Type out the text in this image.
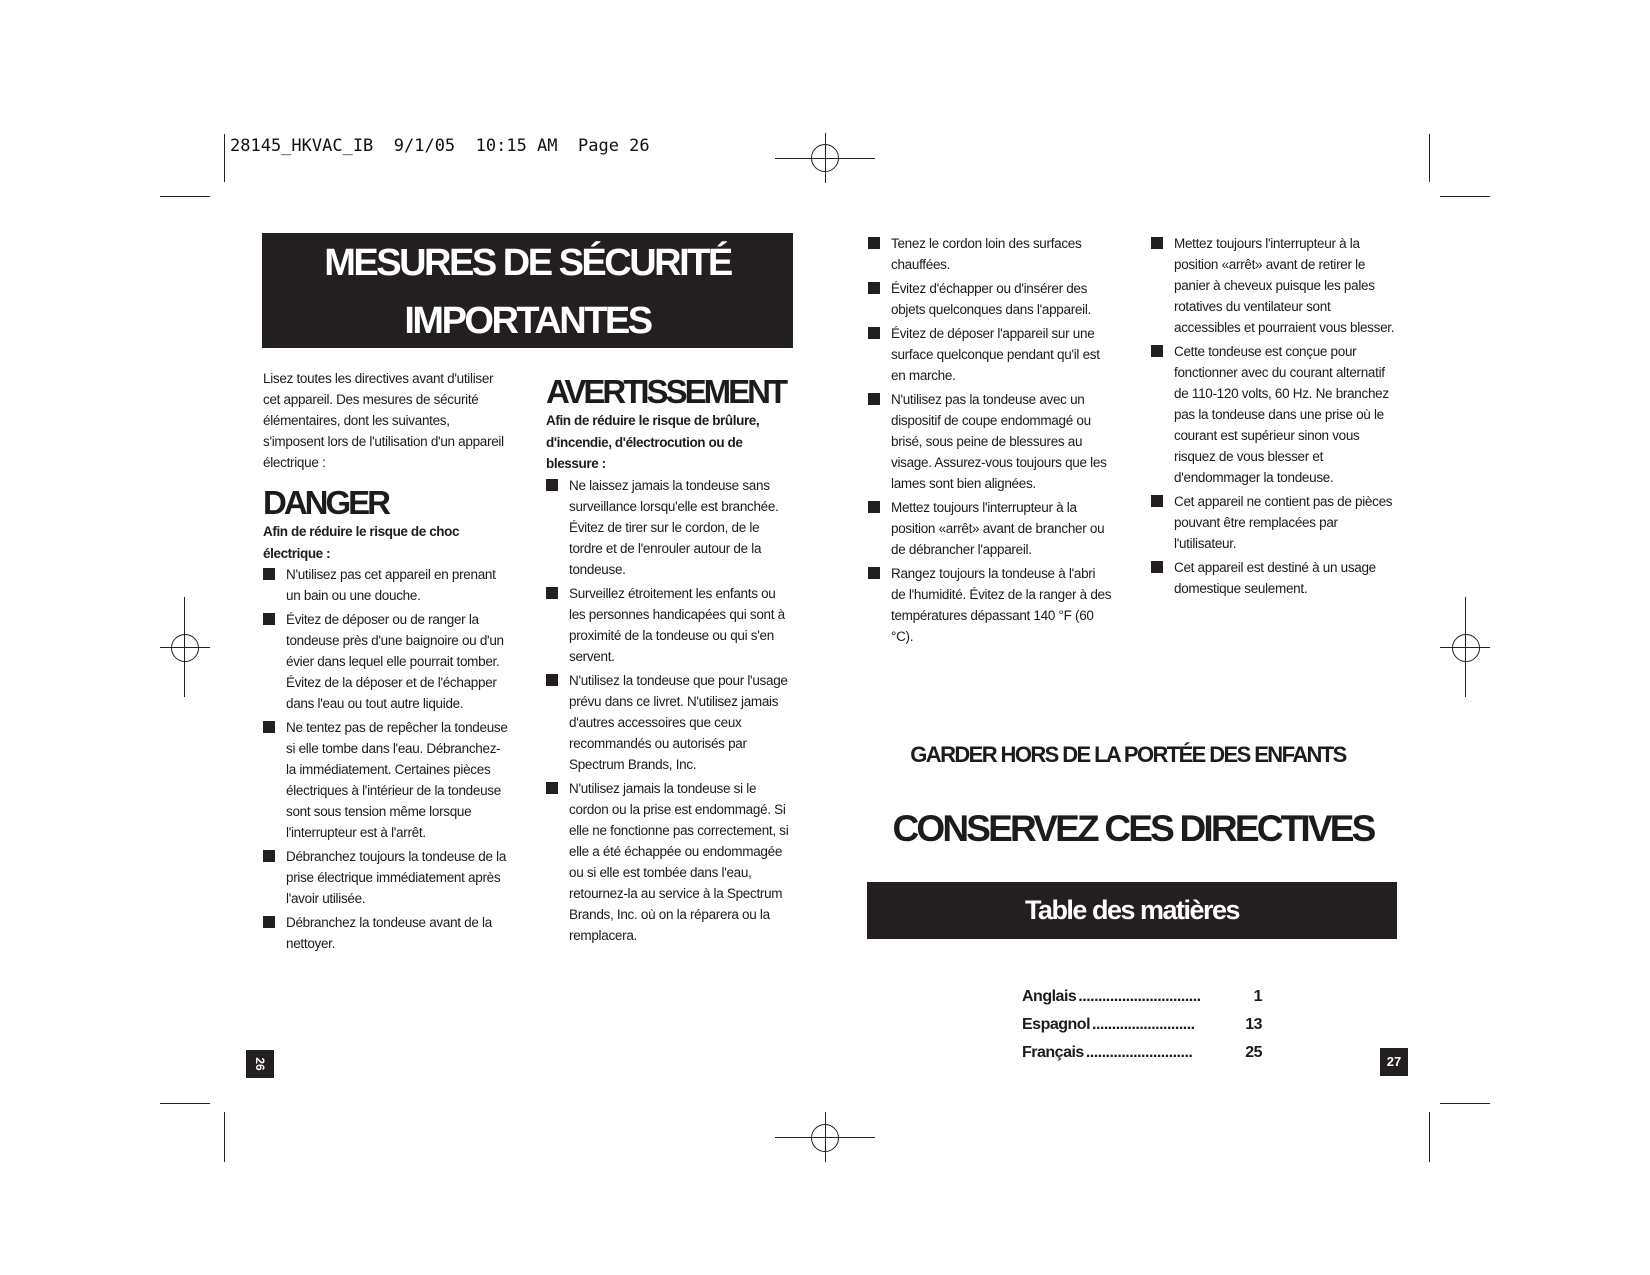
28145_HKVAC_IB  9/1/05  10:15 AM  Page 26
MESURES DE SÉCURITÉ
IMPORTANTES

Lisez toutes les directives avant d'utiliser cet appareil. Des mesures de sécurité élémentaires, dont les suivantes, s'imposent lors de l'utilisation d'un appareil électrique :

DANGER

Afin de réduire le risque de choc électrique :

N'utilisez pas cet appareil en prenant un bain ou une douche.
Évitez de déposer ou de ranger la tondeuse près d'une baignoire ou d'un évier dans lequel elle pourrait tomber. Évitez de la déposer et de l'échapper dans l'eau ou tout autre liquide.
Ne tentez pas de repêcher la tondeuse si elle tombe dans l'eau. Débranchez-la immédiatement. Certaines pièces électriques à l'intérieur de la tondeuse sont sous tension même lorsque l'interrupteur est à l'arrêt.
Débranchez toujours la tondeuse de la prise électrique immédiatement après l'avoir utilisée.
Débranchez la tondeuse avant de la nettoyer.

AVERTISSEMENT

Afin de réduire le risque de brûlure, d'incendie, d'électrocution ou de blessure :

Ne laissez jamais la tondeuse sans surveillance lorsqu'elle est branchée. Évitez de tirer sur le cordon, de le tordre et de l'enrouler autour de la tondeuse.
Surveillez étroitement les enfants ou les personnes handicapées qui sont à proximité de la tondeuse ou qui s'en servent.
N'utilisez la tondeuse que pour l'usage prévu dans ce livret. N'utilisez jamais d'autres accessoires que ceux recommandés ou autorisés par Spectrum Brands, Inc.
N'utilisez jamais la tondeuse si le cordon ou la prise est endommagé. Si elle ne fonctionne pas correctement, si elle a été échappée ou endommagée ou si elle est tombée dans l'eau, retournez-la au service à la Spectrum Brands, Inc. où on la réparera ou la remplacera.
Tenez le cordon loin des surfaces chauffées.
Évitez d'échapper ou d'insérer des objets quelconques dans l'appareil.
Évitez de déposer l'appareil sur une surface quelconque pendant qu'il est en marche.
N'utilisez pas la tondeuse avec un dispositif de coupe endommagé ou brisé, sous peine de blessures au visage. Assurez-vous toujours que les lames sont bien alignées.
Mettez toujours l'interrupteur à la position «arrêt» avant de brancher ou de débrancher l'appareil.
Rangez toujours la tondeuse à l'abri de l'humidité. Évitez de la ranger à des températures dépassant 140 °F (60 °C).
Mettez toujours l'interrupteur à la position «arrêt» avant de retirer le panier à cheveux puisque les pales rotatives du ventilateur sont accessibles et pourraient vous blesser.
Cette tondeuse est conçue pour fonctionner avec du courant alternatif de 110-120 volts, 60 Hz. Ne branchez pas la tondeuse dans une prise où le courant est supérieur sinon vous risquez de vous blesser et d'endommager la tondeuse.
Cet appareil ne contient pas de pièces pouvant être remplacées par l'utilisateur.
Cet appareil est destiné à un usage domestique seulement.
GARDER HORS DE LA PORTÉE DES ENFANTS
CONSERVEZ CES DIRECTIVES
Table des matières
Anglais ...............................	1
Espagnol ..........................	13
Français ...........................	25
26	27
